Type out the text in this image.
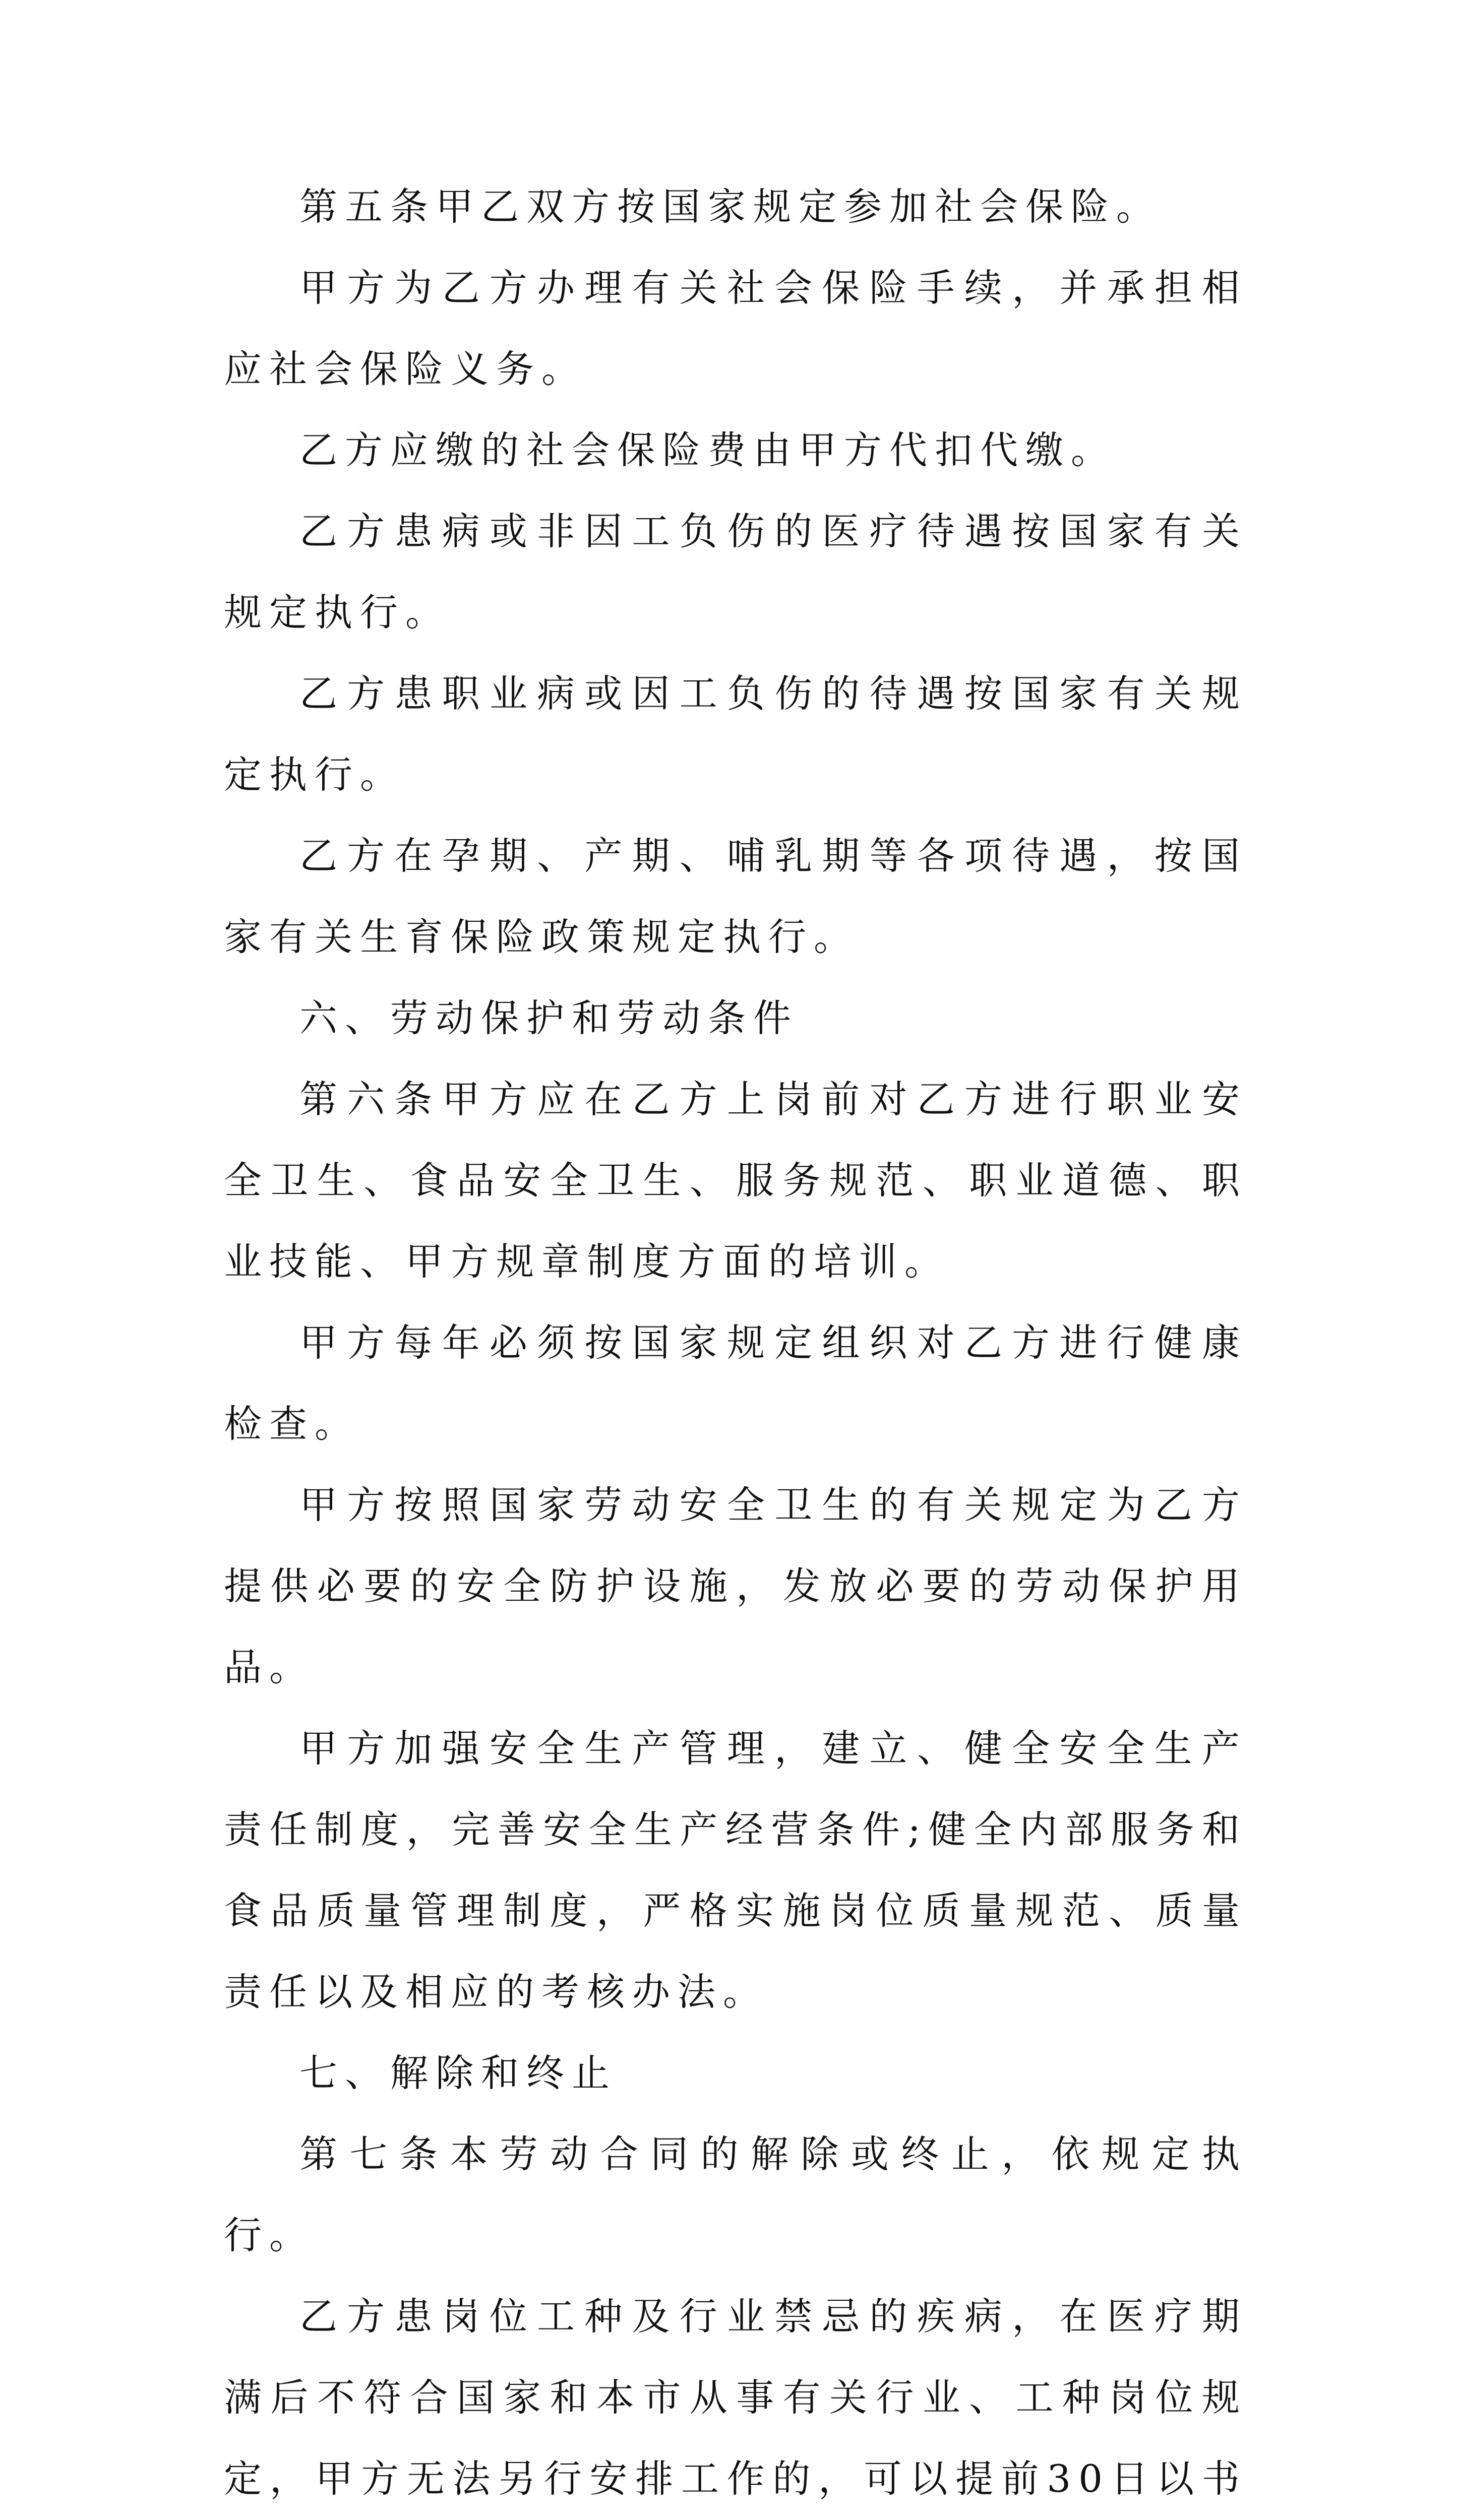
第五条甲乙双方按国家规定参加社会保险。

甲方为乙方办理有关社会保险手续，并承担相应社会保险义务。

乙方应缴的社会保险费由甲方代扣代缴。

乙方患病或非因工负伤的医疗待遇按国家有关规定执行。

乙方患职业病或因工负伤的待遇按国家有关规定执行。

乙方在孕期、产期、哺乳期等各项待遇，按国家有关生育保险政策规定执行。

六、劳动保护和劳动条件

第六条甲方应在乙方上岗前对乙方进行职业安全卫生、食品安全卫生、服务规范、职业道德、职业技能、甲方规章制度方面的培训。

甲方每年必须按国家规定组织对乙方进行健康检查。

甲方按照国家劳动安全卫生的有关规定为乙方提供必要的安全防护设施，发放必要的劳动保护用品。

甲方加强安全生产管理，建立、健全安全生产责任制度，完善安全生产经营条件;健全内部服务和食品质量管理制度，严格实施岗位质量规范、质量责任以及相应的考核办法。

七、解除和终止

第七条本劳动合同的解除或终止，依规定执行。

乙方患岗位工种及行业禁忌的疾病，在医疗期满后不符合国家和本市从事有关行业、工种岗位规定，甲方无法另行安排工作的，可以提前30日以书
